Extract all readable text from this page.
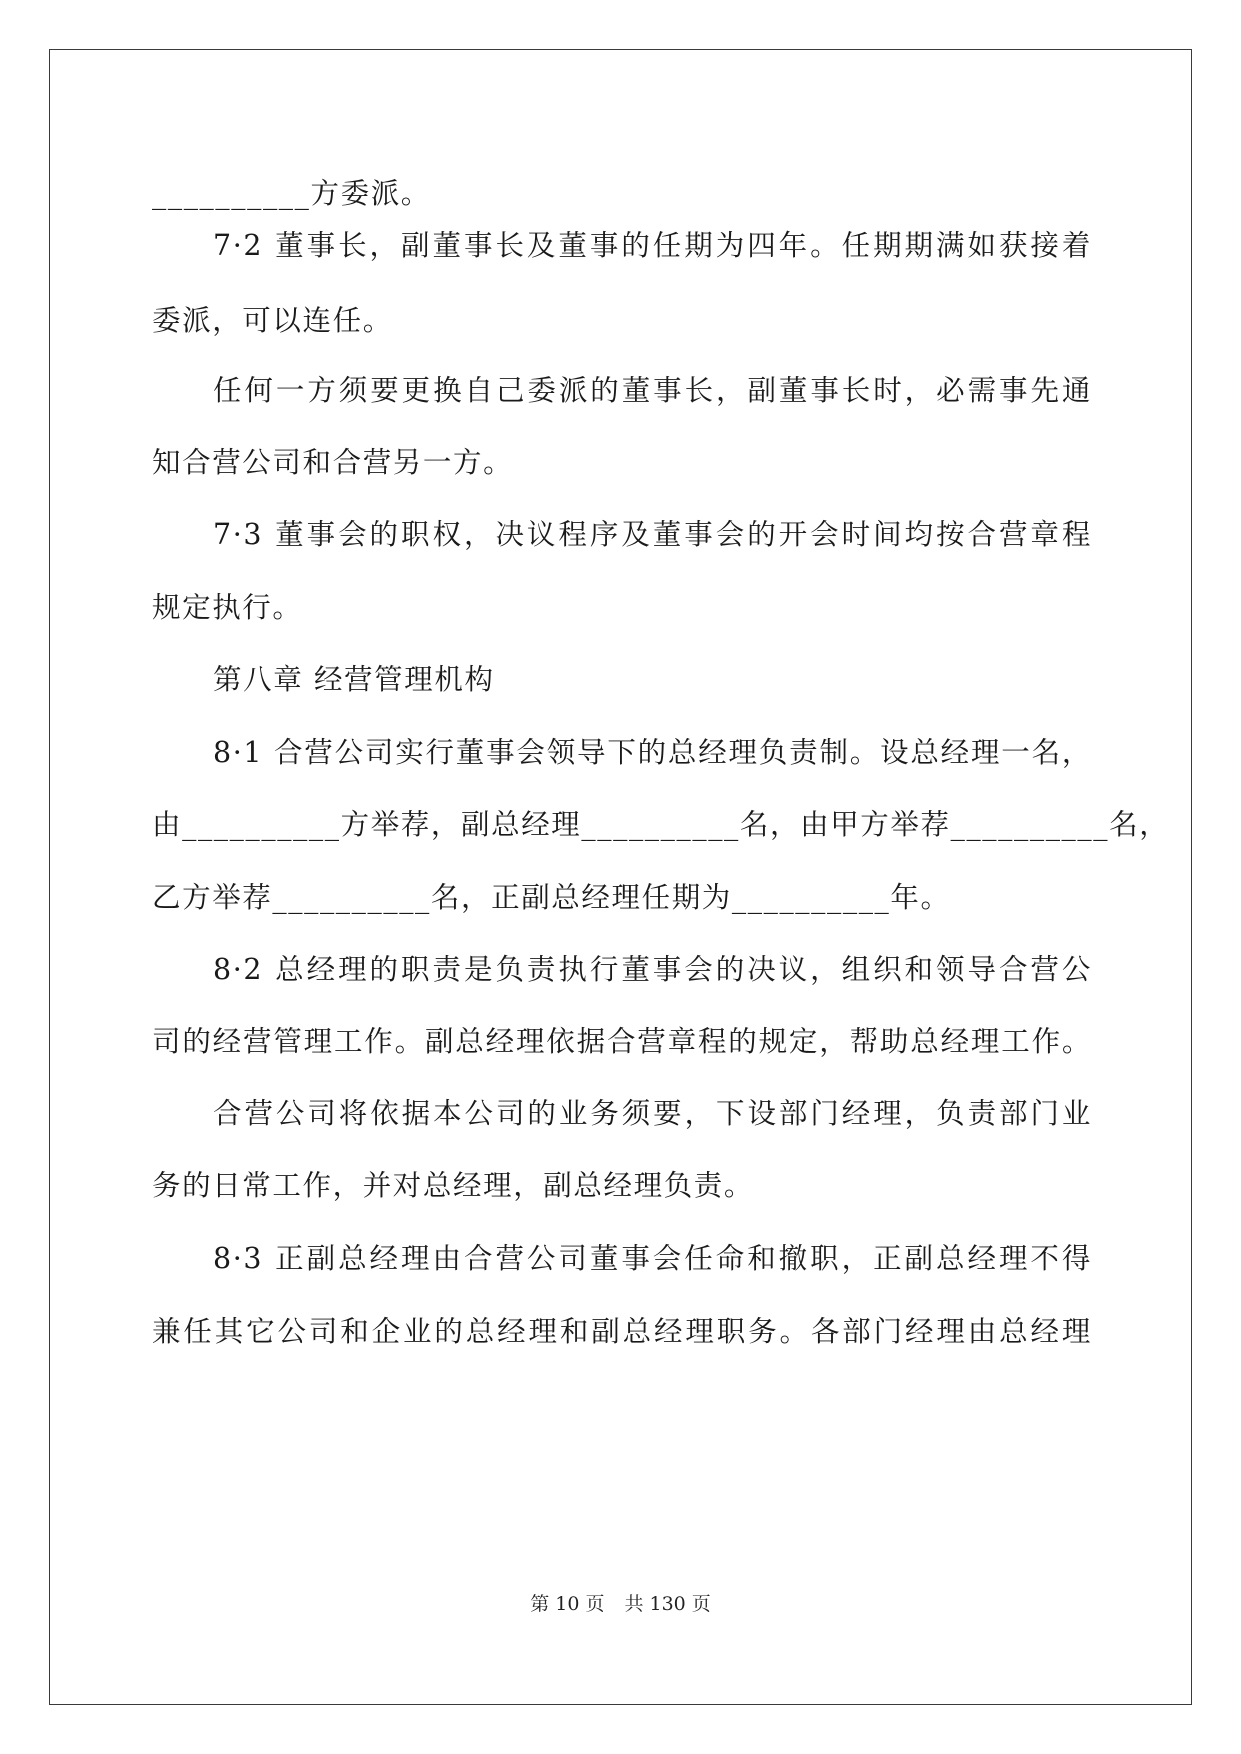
__________方委派。
7·2 董事长，副董事长及董事的任期为四年。任期期满如获接着
委派，可以连任。
任何一方须要更换自己委派的董事长，副董事长时，必需事先通
知合营公司和合营另一方。
7·3 董事会的职权，决议程序及董事会的开会时间均按合营章程
规定执行。
第八章 经营管理机构
8·1 合营公司实行董事会领导下的总经理负责制。设总经理一名，
由__________方举荐，副总经理__________名，由甲方举荐__________名，
乙方举荐__________名，正副总经理任期为__________年。
8·2 总经理的职责是负责执行董事会的决议，组织和领导合营公
司的经营管理工作。副总经理依据合营章程的规定，帮助总经理工作。
合营公司将依据本公司的业务须要，下设部门经理，负责部门业
务的日常工作，并对总经理，副总经理负责。
8·3 正副总经理由合营公司董事会任命和撤职，正副总经理不得
兼任其它公司和企业的总经理和副总经理职务。各部门经理由总经理
第 10 页 共 130 页
